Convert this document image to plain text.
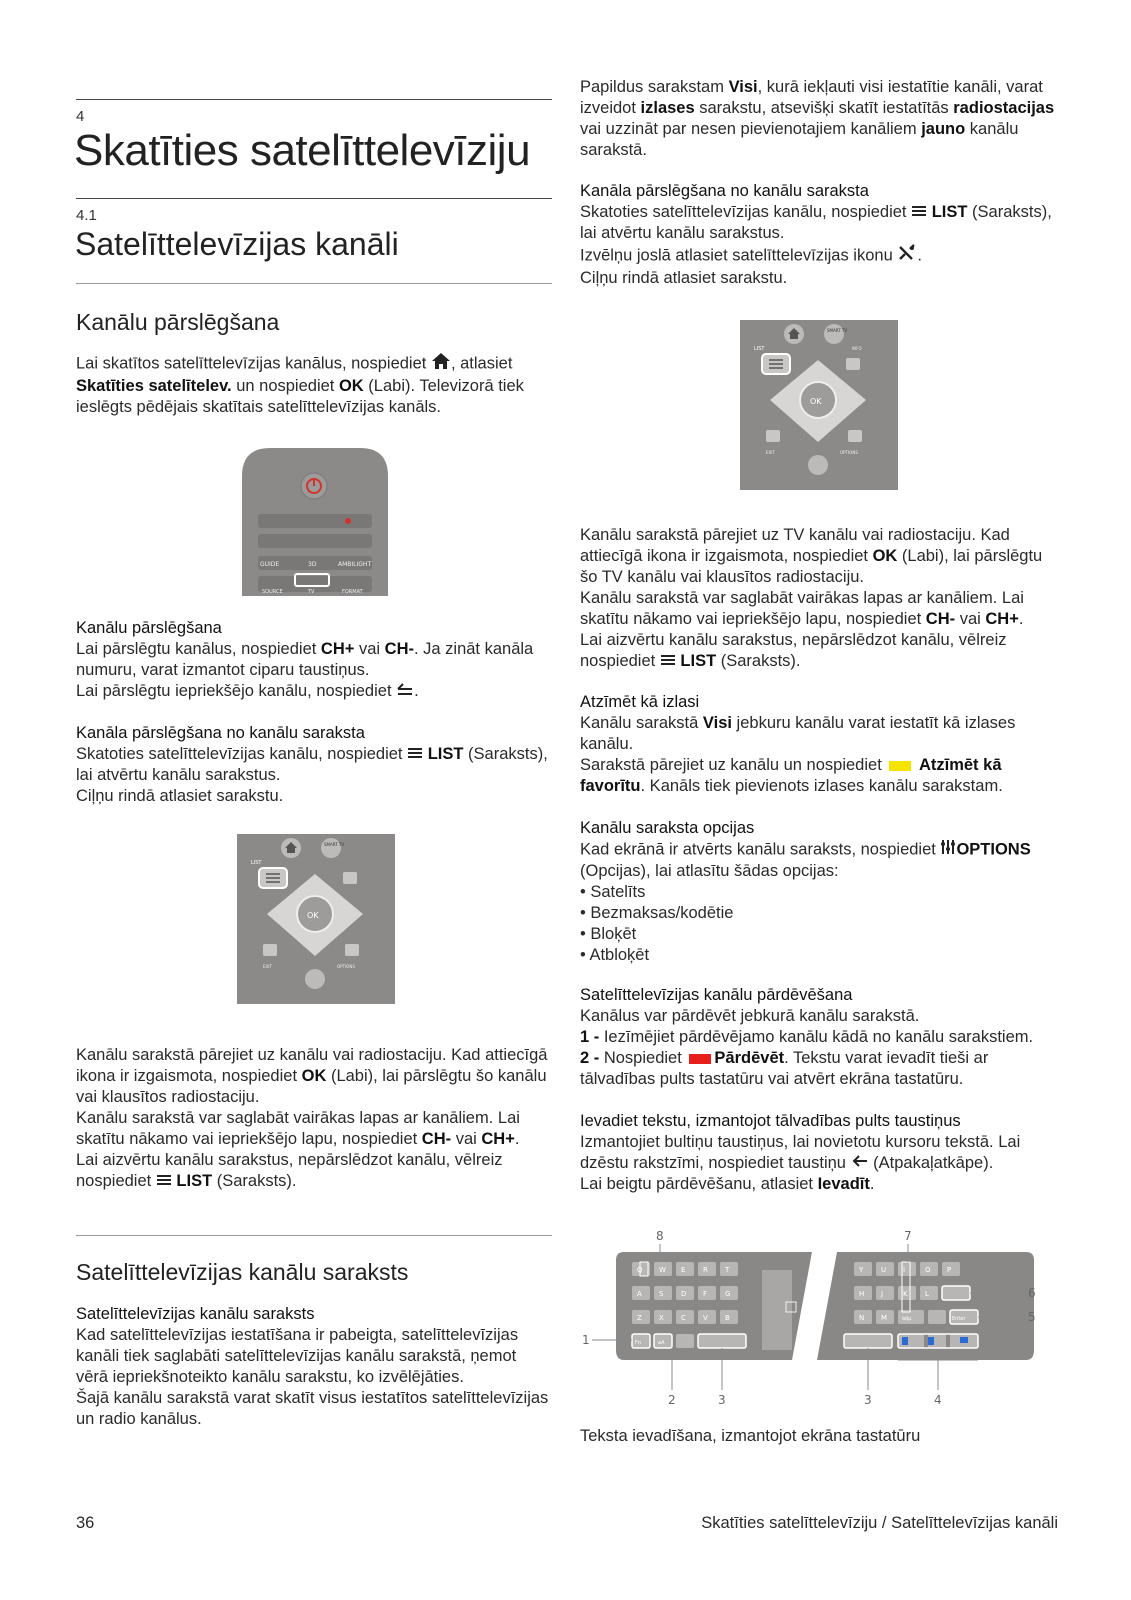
4
Skatīties satelīttelevīziju
4.1
Satelīttelevīzijas kanāli
Kanālu pārslēgšana
Lai skatītos satelīttelevīzijas kanālus, nospiediet , atlasiet
Skatīties satelītelev. un nospiediet OK (Labi). Televizorā tiek ieslēgts pēdējais skatītais satelīttelevīzijas kanāls.
GUIDE	3D	AMBILIGHT
SOURCE	TV	FORMAT
Kanālu pārslēgšana
Lai pārslēgtu kanālus, nospiediet CH+ vai CH-. Ja zināt kanāla numuru, varat izmantot ciparu taustiņus.
Lai pārslēgtu iepriekšējo kanālu, nospiediet .
Kanāla pārslēgšana no kanālu saraksta
Skatoties satelīttelevīzijas kanālu, nospiediet  LIST (Saraksts), lai atvērtu kanālu sarakstus.
Ciļņu rindā atlasiet sarakstu.
LIST
SMART TV
OK
EXIT	OPTIONS
Kanālu sarakstā pārejiet uz kanālu vai radiostaciju. Kad attiecīgā ikona ir izgaismota, nospiediet OK (Labi), lai pārslēgtu šo kanālu vai klausītos radiostaciju.
Kanālu sarakstā var saglabāt vairākas lapas ar kanāliem. Lai skatītu nākamo vai iepriekšējo lapu, nospiediet CH- vai CH+.
Lai aizvērtu kanālu sarakstus, nepārslēdzot kanālu, vēlreiz nospiediet  LIST (Saraksts).
Satelīttelevīzijas kanālu saraksts
Satelīttelevīzijas kanālu saraksts
Kad satelīttelevīzijas iestatīšana ir pabeigta, satelīttelevīzijas kanāli tiek saglabāti satelīttelevīzijas kanālu sarakstā, ņemot vērā iepriekšnoteikto kanālu sarakstu, ko izvēlējāties.
Šajā kanālu sarakstā varat skatīt visus iestatītos satelīttelevīzijas un radio kanālus.
Papildus sarakstam Visi, kurā iekļauti visi iestatītie kanāli, varat izveidot izlases sarakstu, atsevišķi skatīt iestatītās radiostacijas vai uzzināt par nesen pievienotajiem kanāliem jauno kanālu sarakstā.
Kanāla pārslēgšana no kanālu saraksta
Skatoties satelīttelevīzijas kanālu, nospiediet  LIST (Saraksts), lai atvērtu kanālu sarakstus.
Izvēlņu joslā atlasiet satelīttelevīzijas ikonu .
Ciļņu rindā atlasiet sarakstu.
LIST
SMART TV
INFO
OK
EXIT	OPTIONS
Kanālu sarakstā pārejiet uz TV kanālu vai radiostaciju. Kad attiecīgā ikona ir izgaismota, nospiediet OK (Labi), lai pārslēgtu šo TV kanālu vai klausītos radiostaciju.
Kanālu sarakstā var saglabāt vairākas lapas ar kanāliem. Lai skatītu nākamo vai iepriekšējo lapu, nospiediet CH- vai CH+.
Lai aizvērtu kanālu sarakstus, nepārslēdzot kanālu, vēlreiz nospiediet  LIST (Saraksts).
Atzīmēt kā izlasi
Kanālu sarakstā Visi jebkuru kanālu varat iestatīt kā izlases kanālu.
Sarakstā pārejiet uz kanālu un nospiediet  Atzīmēt kā favorītu. Kanāls tiek pievienots izlases kanālu sarakstam.
Kanālu saraksta opcijas
Kad ekrānā ir atvērts kanālu saraksts, nospiediet OPTIONS (Opcijas), lai atlasītu šādas opcijas:
• Satelīts
• Bezmaksas/kodētie
• Bloķēt
• Atbloķēt
Satelīttelevīzijas kanālu pārdēvēšana
Kanālus var pārdēvēt jebkurā kanālu sarakstā.
1 - Iezīmējiet pārdēvējamo kanālu kādā no kanālu sarakstiem.
2 - Nospiediet Pārdēvēt. Tekstu varat ievadīt tieši ar tālvadības pults tastatūru vai atvērt ekrāna tastatūru.
Ievadiet tekstu, izmantojot tālvadības pults taustiņus
Izmantojiet bultiņu taustiņus, lai novietotu kursoru tekstā. Lai dzēstu rakstzīmi, nospiediet taustiņu  (Atpakaļatkāpe).
Lai beigtu pārdēvēšanu, atlasiet Ievadīt.
Q W E	R T	Y	U I	O P
A S	D F	G	H J	K L
Z X C V B	N M
Fn	aA
äöµ	Enter
8	7
6
5
1
2	3	3	4
Teksta ievadīšana, izmantojot ekrāna tastatūru
36	Skatīties satelīttelevīziju / Satelīttelevīzijas kanāli
